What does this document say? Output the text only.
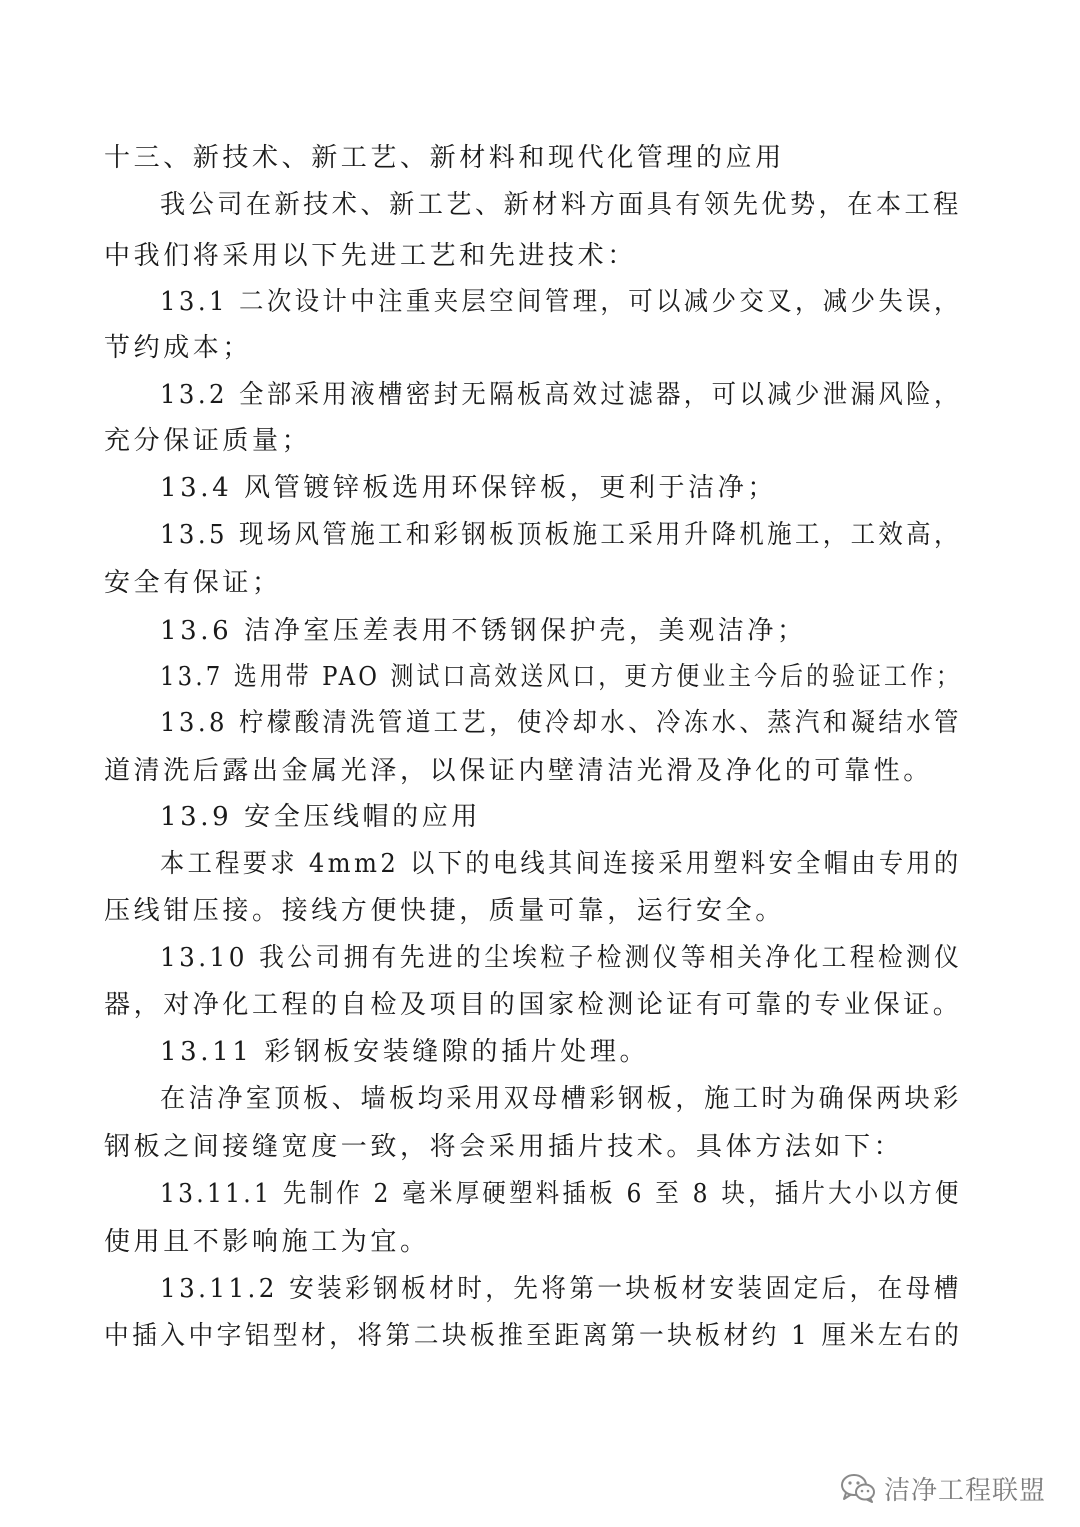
十三、新技术、新工艺、新材料和现代化管理的应用
我公司在新技术、新工艺、新材料方面具有领先优势，在本工程
中我们将采用以下先进工艺和先进技术：
13.1 二次设计中注重夹层空间管理，可以减少交叉，减少失误，
节约成本；
13.2 全部采用液槽密封无隔板高效过滤器，可以减少泄漏风险，
充分保证质量；
13.4 风管镀锌板选用环保锌板，更利于洁净；
13.5 现场风管施工和彩钢板顶板施工采用升降机施工，工效高，
安全有保证；
13.6 洁净室压差表用不锈钢保护壳，美观洁净；
13.7 选用带 PAO 测试口高效送风口，更方便业主今后的验证工作；
13.8 柠檬酸清洗管道工艺，使冷却水、冷冻水、蒸汽和凝结水管
道清洗后露出金属光泽，以保证内壁清洁光滑及净化的可靠性。
13.9 安全压线帽的应用
本工程要求 4mm2 以下的电线其间连接采用塑料安全帽由专用的
压线钳压接。接线方便快捷，质量可靠，运行安全。
13.10 我公司拥有先进的尘埃粒子检测仪等相关净化工程检测仪
器，对净化工程的自检及项目的国家检测论证有可靠的专业保证。
13.11 彩钢板安装缝隙的插片处理。
在洁净室顶板、墙板均采用双母槽彩钢板，施工时为确保两块彩
钢板之间接缝宽度一致，将会采用插片技术。具体方法如下：
13.11.1 先制作 2 毫米厚硬塑料插板 6 至 8 块，插片大小以方便
使用且不影响施工为宜。
13.11.2 安装彩钢板材时，先将第一块板材安装固定后，在母槽
中插入中字铝型材，将第二块板推至距离第一块板材约 1 厘米左右的
洁净工程联盟
